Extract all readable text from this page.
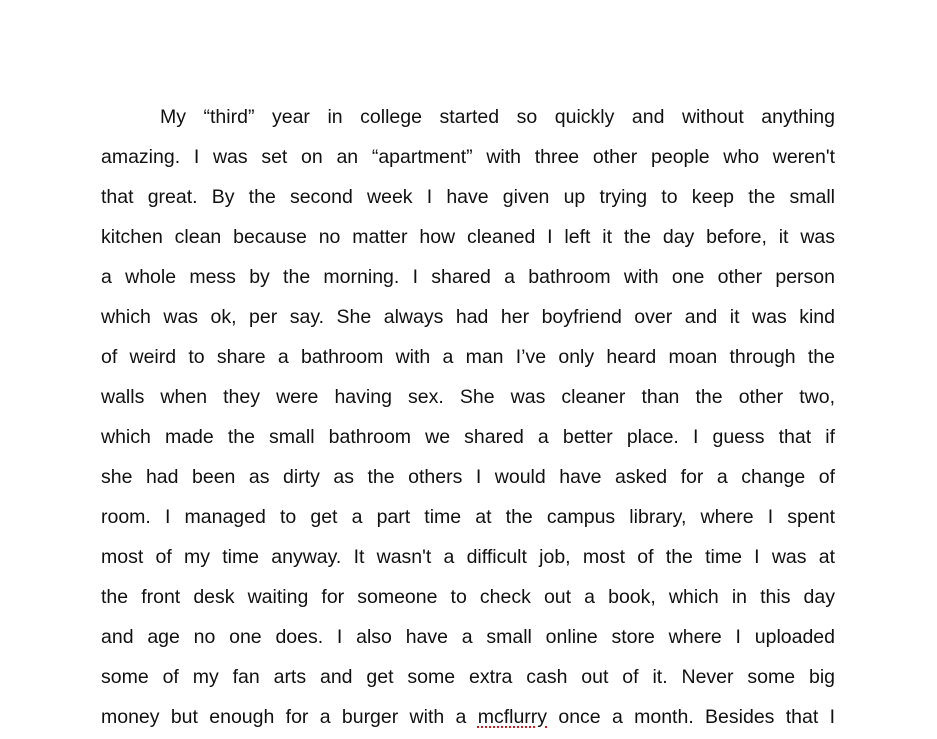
My “third” year in college started so quickly and without anything
amazing. I was set on an “apartment” with three other people who weren't
that great. By the second week I have given up trying to keep the small
kitchen clean because no matter how cleaned I left it the day before, it was
a whole mess by the morning. I shared a bathroom with one other person
which was ok, per say. She always had her boyfriend over and it was kind
of weird to share a bathroom with a man I’ve only heard moan through the
walls when they were having sex. She was cleaner than the other two,
which made the small bathroom we shared a better place. I guess that if
she had been as dirty as the others I would have asked for a change of
room. I managed to get a part time at the campus library, where I spent
most of my time anyway. It wasn't a difficult job, most of the time I was at
the front desk waiting for someone to check out a book, which in this day
and age no one does. I also have a small online store where I uploaded
some of my fan arts and get some extra cash out of it. Never some big
money but enough for a burger with a mcflurry once a month. Besides that I
